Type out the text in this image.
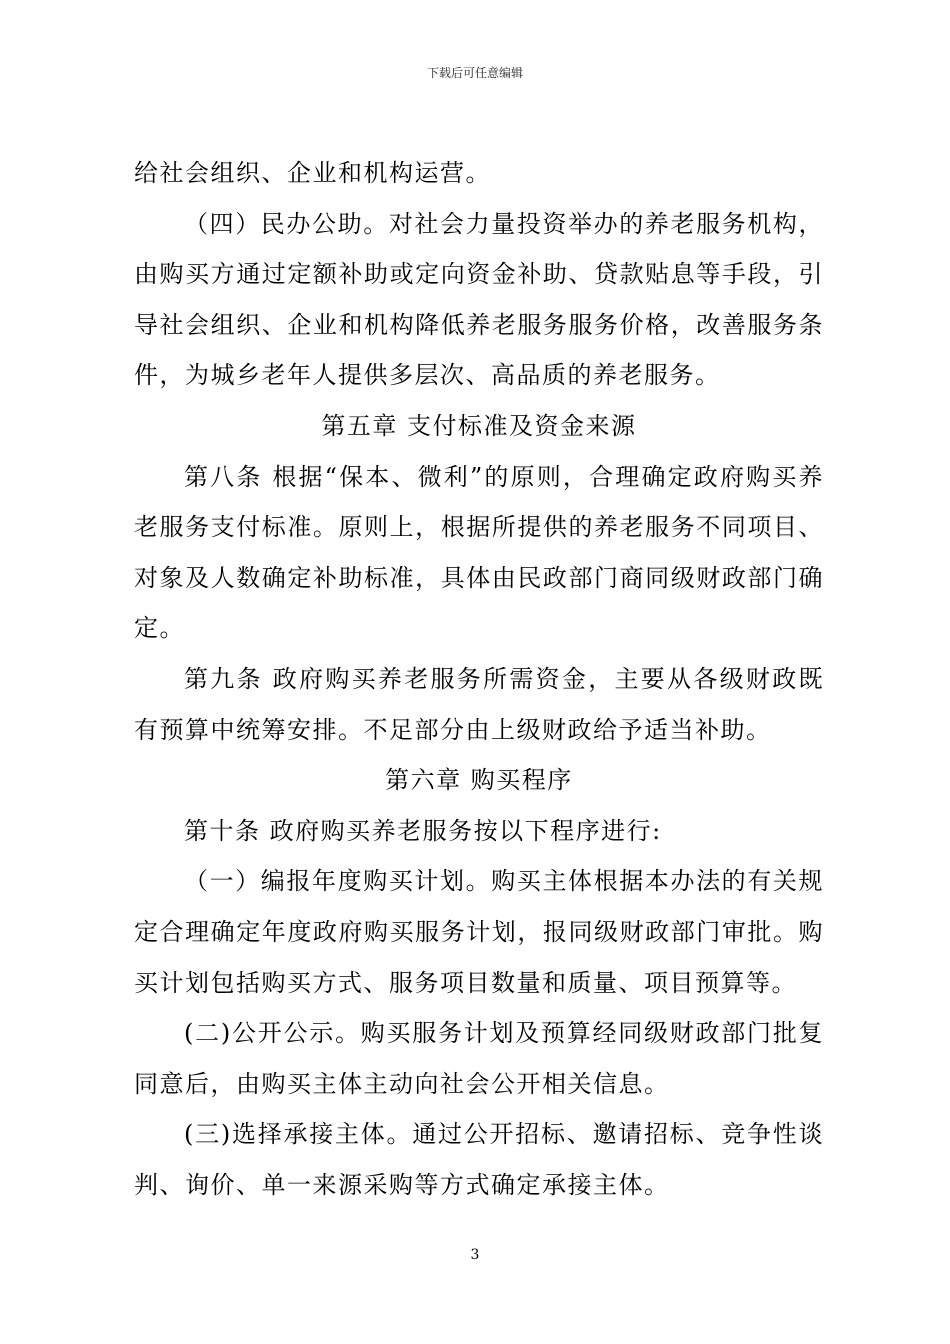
下载后可任意编辑

给社会组织、企业和机构运营。

（四）民办公助。对社会力量投资举办的养老服务机构，由购买方通过定额补助或定向资金补助、贷款贴息等手段，引导社会组织、企业和机构降低养老服务服务价格，改善服务条件，为城乡老年人提供多层次、高品质的养老服务。

第五章 支付标准及资金来源

第八条 根据“保本、微利”的原则，合理确定政府购买养老服务支付标准。原则上，根据所提供的养老服务不同项目、对象及人数确定补助标准，具体由民政部门商同级财政部门确定。

第九条 政府购买养老服务所需资金，主要从各级财政既有预算中统筹安排。不足部分由上级财政给予适当补助。

第六章 购买程序

第十条 政府购买养老服务按以下程序进行:

（一）编报年度购买计划。购买主体根据本办法的有关规定合理确定年度政府购买服务计划，报同级财政部门审批。购买计划包括购买方式、服务项目数量和质量、项目预算等。

(二)公开公示。购买服务计划及预算经同级财政部门批复同意后，由购买主体主动向社会公开相关信息。

(三)选择承接主体。通过公开招标、邀请招标、竞争性谈判、询价、单一来源采购等方式确定承接主体。

3
